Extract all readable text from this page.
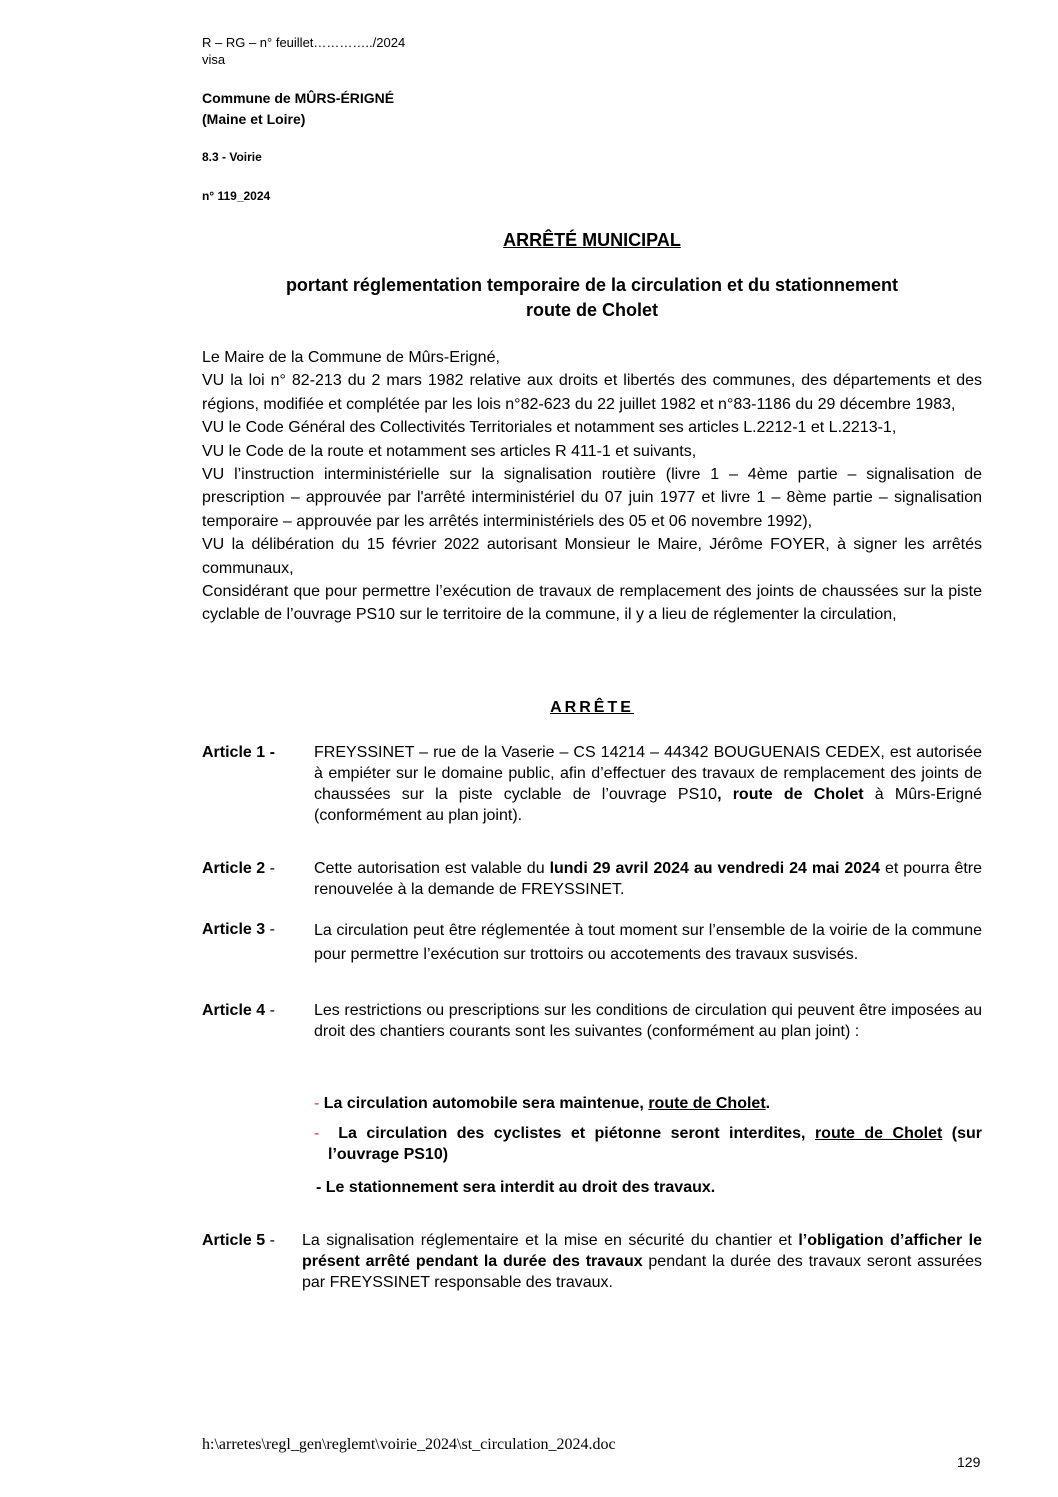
R – RG – n° feuillet…………../2024
visa
Commune de MÛRS-ÉRIGNÉ
(Maine et Loire)
8.3 - Voirie
n° 119_2024
ARRÊTÉ MUNICIPAL
portant réglementation temporaire de la circulation et du stationnement
route de Cholet

Le Maire de la Commune de Mûrs-Erigné,

VU la loi n° 82-213 du 2 mars 1982 relative aux droits et libertés des communes, des départements et des régions, modifiée et complétée par les lois n°82-623 du 22 juillet 1982 et n°83-1186 du 29 décembre 1983,

VU le Code Général des Collectivités Territoriales et notamment ses articles L.2212-1 et L.2213-1,

VU le Code de la route et notamment ses articles R 411-1 et suivants,

VU l’instruction interministérielle sur la signalisation routière (livre 1 – 4ème partie – signalisation de prescription – approuvée par l'arrêté interministériel du 07 juin 1977 et livre 1 – 8ème partie – signalisation temporaire – approuvée par les arrêtés interministériels des 05 et 06 novembre 1992),

VU la délibération du 15 février 2022 autorisant Monsieur le Maire, Jérôme FOYER, à signer les arrêtés communaux,

Considérant que pour permettre l’exécution de travaux de remplacement des joints de chaussées sur la piste cyclable de l’ouvrage PS10 sur le territoire de la commune, il y a lieu de réglementer la circulation,

ARRÊTE
Article 1 - FREYSSINET – rue de la Vaserie – CS 14214 – 44342 BOUGUENAIS CEDEX, est autorisée à empiéter sur le domaine public, afin d’effectuer des travaux de remplacement des joints de chaussées sur la piste cyclable de l’ouvrage PS10, route de Cholet à Mûrs-Erigné (conformément au plan joint).
Article 2 - Cette autorisation est valable du lundi 29 avril 2024 au vendredi 24 mai 2024 et pourra être renouvelée à la demande de FREYSSINET.
Article 3 - La circulation peut être réglementée à tout moment sur l’ensemble de la voirie de la commune pour permettre l’exécution sur trottoirs ou accotements des travaux susvisés.
Article 4 - Les restrictions ou prescriptions sur les conditions de circulation qui peuvent être imposées au droit des chantiers courants sont les suivantes (conformément au plan joint) :
- La circulation automobile sera maintenue, route de Cholet.
-  La circulation des cyclistes et piétonne seront interdites, route de Cholet (sur l’ouvrage PS10)
- Le stationnement sera interdit au droit des travaux.
Article 5 - La signalisation réglementaire et la mise en sécurité du chantier et l’obligation d’afficher le présent arrêté pendant la durée des travaux pendant la durée des travaux seront assurées par FREYSSINET responsable des travaux.
h:\arretes\regl_gen\reglemt\voirie_2024\st_circulation_2024.doc
129
